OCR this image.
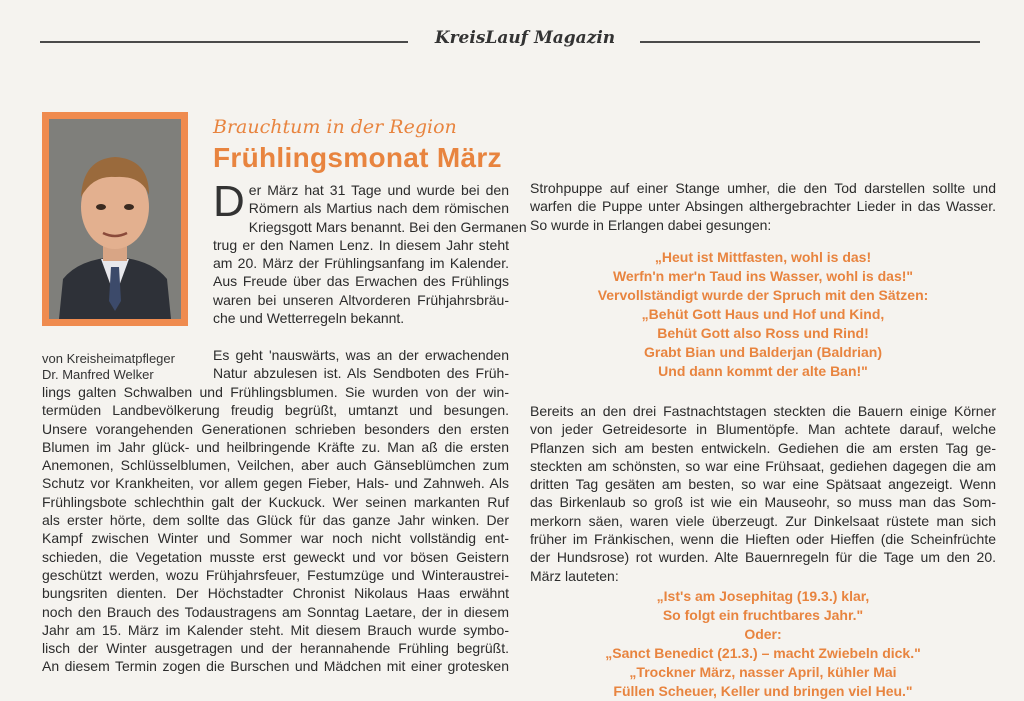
KreisLauf Magazin
von Kreisheimatpfleger
Dr. Manfred Welker
Brauchtum in der Region
Frühlingsmonat März
D er März hat 31 Tage und wurde bei den
Römern als Martius nach dem römischen
Kriegsgott Mars benannt. Bei den Germanen
trug er den Namen Lenz. In diesem Jahr steht
am 20. März der Frühlingsanfang im Kalender.
Aus Freude über das Erwachen des Frühlings
waren bei unseren Altvorderen Frühjahrsbräu-
che und Wetterregeln bekannt.
Es geht 'nauswärts, was an der erwachenden
Natur abzulesen ist. Als Sendboten des Früh-
lings galten Schwalben und Frühlingsblumen. Sie wurden von der win-
termüden Landbevölkerung freudig begrüßt, umtanzt und besungen.
Unsere vorangehenden Generationen schrieben besonders den ersten
Blumen im Jahr glück- und heilbringende Kräfte zu. Man aß die ersten
Anemonen, Schlüsselblumen, Veilchen, aber auch Gänseblümchen zum
Schutz vor Krankheiten, vor allem gegen Fieber, Hals- und Zahnweh. Als
Frühlingsbote schlechthin galt der Kuckuck. Wer seinen markanten Ruf
als erster hörte, dem sollte das Glück für das ganze Jahr winken. Der
Kampf zwischen Winter und Sommer war noch nicht vollständig ent-
schieden, die Vegetation musste erst geweckt und vor bösen Geistern
geschützt werden, wozu Frühjahrsfeuer, Festumzüge und Winteraustrei-
bungsriten dienten. Der Höchstadter Chronist Nikolaus Haas erwähnt
noch den Brauch des Todaustragens am Sonntag Laetare, der in diesem
Jahr am 15. März im Kalender steht. Mit diesem Brauch wurde symbo-
lisch der Winter ausgetragen und der herannahende Frühling begrüßt.
An diesem Termin zogen die Burschen und Mädchen mit einer grotesken
Strohpuppe auf einer Stange umher, die den Tod darstellen sollte und
warfen die Puppe unter Absingen althergebrachter Lieder in das Wasser.
So wurde in Erlangen dabei gesungen:
„Heut ist Mittfasten, wohl is das!
Werfn'n mer'n Taud ins Wasser, wohl is das!"
Vervollständigt wurde der Spruch mit den Sätzen:
„Behüt Gott Haus und Hof und Kind,
Behüt Gott also Ross und Rind!
Grabt Bian und Balderjan (Baldrian)
Und dann kommt der alte Ban!"
Bereits an den drei Fastnachtstagen steckten die Bauern einige Körner
von jeder Getreidesorte in Blumentöpfe. Man achtete darauf, welche
Pflanzen sich am besten entwickeln. Gediehen die am ersten Tag ge-
steckten am schönsten, so war eine Frühsaat, gediehen dagegen die am
dritten Tag gesäten am besten, so war eine Spätsaat angezeigt. Wenn
das Birkenlaub so groß ist wie ein Mauseohr, so muss man das Som-
merkorn säen, waren viele überzeugt. Zur Dinkelsaat rüstete man sich
früher im Fränkischen, wenn die Hieften oder Hieffen (die Scheinfrüchte
der Hundsrose) rot wurden. Alte Bauernregeln für die Tage um den 20.
März lauteten:
„Ist's am Josephitag (19.3.) klar,
So folgt ein fruchtbares Jahr."
Oder:
„Sanct Benedict (21.3.) – macht Zwiebeln dick."
„Trockner März, nasser April, kühler Mai
Füllen Scheuer, Keller und bringen viel Heu."
